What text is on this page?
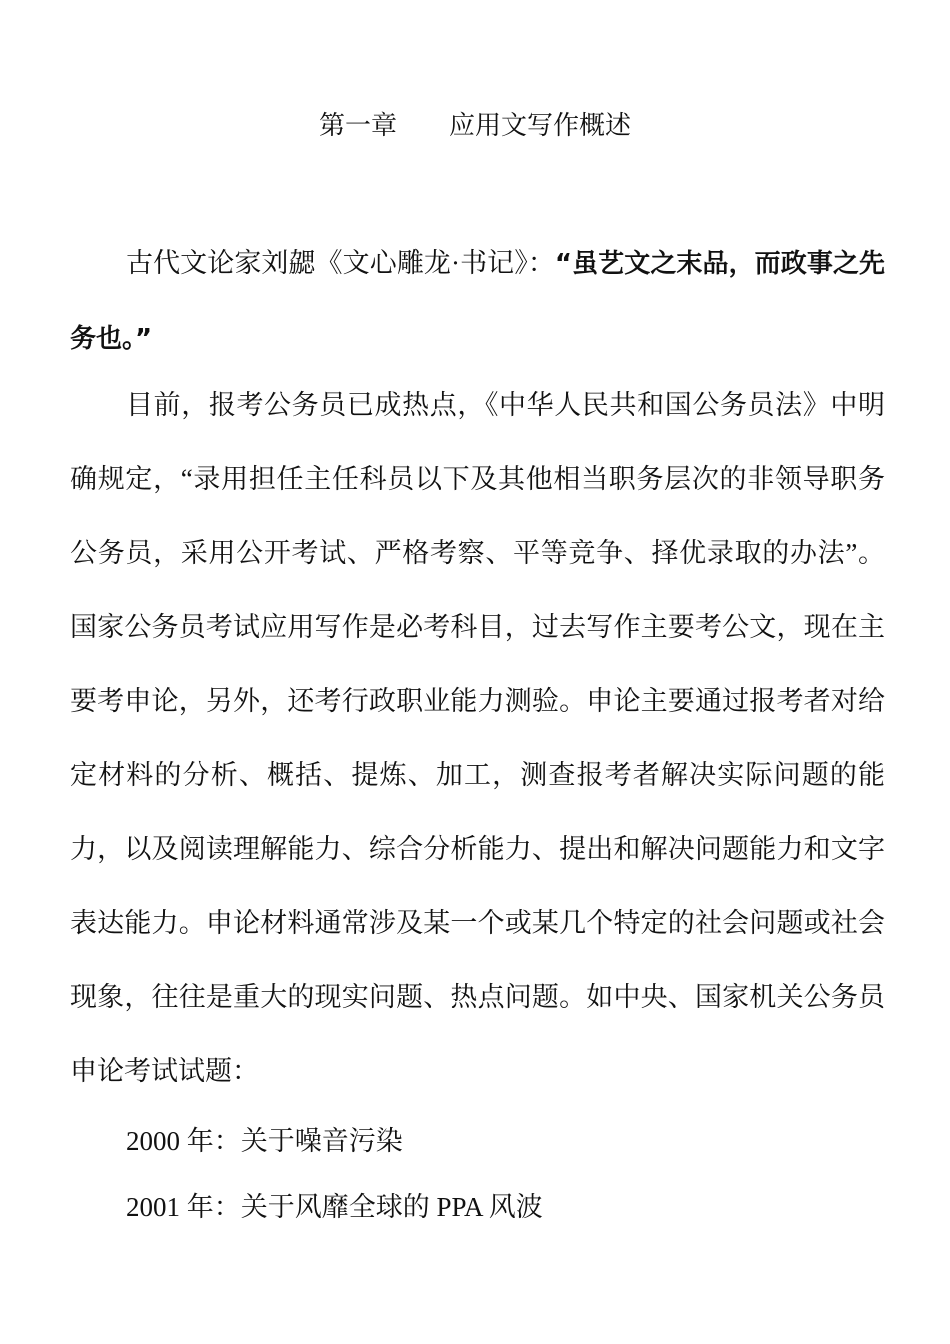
第一章　　应用文写作概述

古代文论家刘勰《文心雕龙·书记》：“虽艺文之末品，而政事之先务也。”

目前，报考公务员已成热点，《中华人民共和国公务员法》中明确规定，“录用担任主任科员以下及其他相当职务层次的非领导职务公务员，采用公开考试、严格考察、平等竞争、择优录取的办法”。国家公务员考试应用写作是必考科目，过去写作主要考公文，现在主要考申论，另外，还考行政职业能力测验。申论主要通过报考者对给定材料的分析、概括、提炼、加工，测查报考者解决实际问题的能力，以及阅读理解能力、综合分析能力、提出和解决问题能力和文字表达能力。申论材料通常涉及某一个或某几个特定的社会问题或社会现象，往往是重大的现实问题、热点问题。如中央、国家机关公务员申论考试试题：

2000 年：关于噪音污染

2001 年：关于风靡全球的 PPA 风波
